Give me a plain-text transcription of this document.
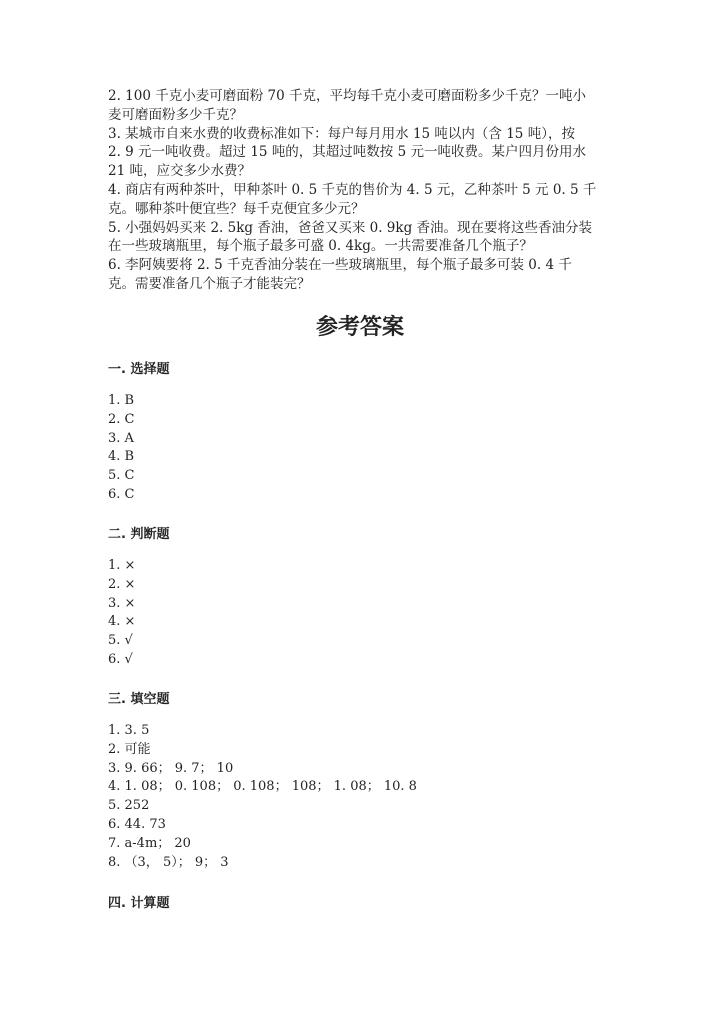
2. 100 千克小麦可磨面粉 70 千克，平均每千克小麦可磨面粉多少千克？一吨小
麦可磨面粉多少千克？
3. 某城市自来水费的收费标准如下：每户每月用水 15 吨以内（含 15 吨），按
2. 9 元一吨收费。超过 15 吨的，其超过吨数按 5 元一吨收费。某户四月份用水
21 吨，应交多少水费？
4. 商店有两种茶叶，甲种茶叶 0. 5 千克的售价为 4. 5 元，乙种茶叶 5 元 0. 5 千
克。哪种茶叶便宜些？每千克便宜多少元？
5. 小强妈妈买来 2. 5kg 香油，爸爸又买来 0. 9kg 香油。现在要将这些香油分装
在一些玻璃瓶里，每个瓶子最多可盛 0. 4kg。一共需要准备几个瓶子？
6. 李阿姨要将 2. 5 千克香油分装在一些玻璃瓶里，每个瓶子最多可装 0. 4 千
克。需要准备几个瓶子才能装完？
参考答案
一. 选择题
1. B
2. C
3. A
4. B
5. C
6. C
二. 判断题
1. ×
2. ×
3. ×
4. ×
5. √
6. √
三. 填空题
1. 3. 5
2. 可能
3. 9. 66； 9. 7； 10
4. 1. 08； 0. 108； 0. 108； 108； 1. 08； 10. 8
5. 252
6. 44. 73
7. a-4m； 20
8. （3， 5）； 9； 3
四. 计算题
